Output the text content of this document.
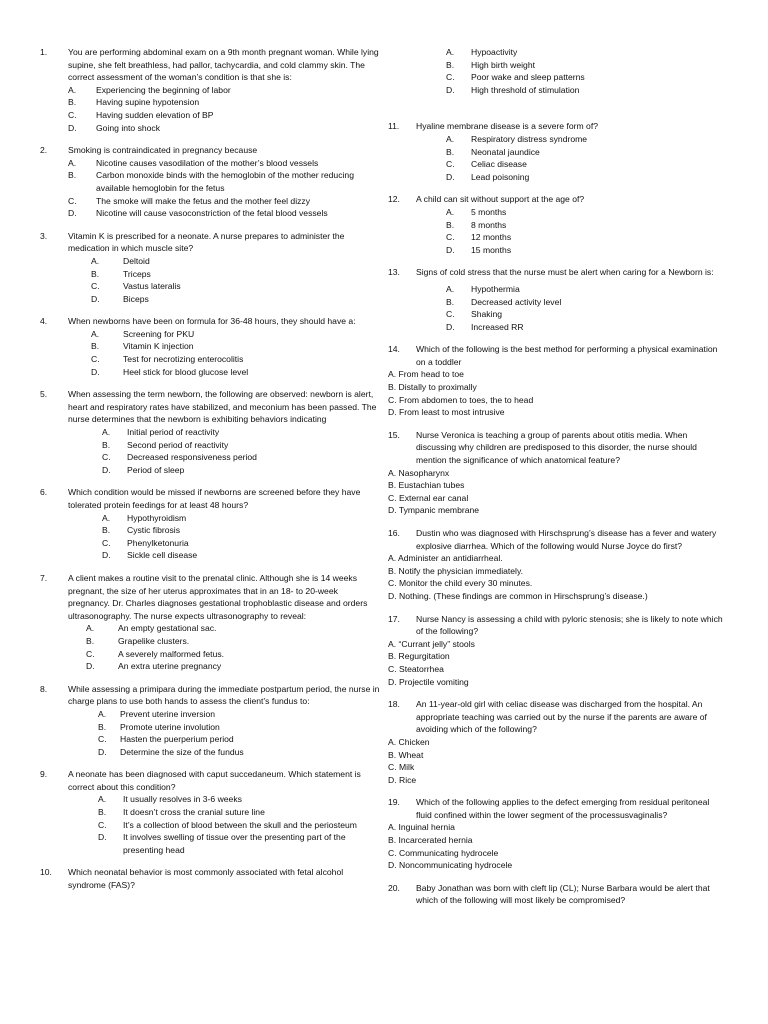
1. You are performing abdominal exam on a 9th month pregnant woman. While lying supine, she felt breathless, had pallor, tachycardia, and cold clammy skin. The correct assessment of the woman’s condition is that she is:
A. Experiencing the beginning of labor
B. Having supine hypotension
C. Having sudden elevation of BP
D. Going into shock
2. Smoking is contraindicated in pregnancy because
A. Nicotine causes vasodilation of the mother’s blood vessels
B. Carbon monoxide binds with the hemoglobin of the mother reducing available hemoglobin for the fetus
C. The smoke will make the fetus and the mother feel dizzy
D. Nicotine will cause vasoconstriction of the fetal blood vessels
3. Vitamin K is prescribed for a neonate. A nurse prepares to administer the medication in which muscle site?
A.	Deltoid
B.	Triceps
C.	Vastus lateralis
D.	Biceps
4. When newborns have been on formula for 36-48 hours, they should have a:
A.	Screening for PKU
B.	Vitamin K injection
C.	Test for necrotizing enterocolitis
D.	Heel stick for blood glucose level
5. When assessing the term newborn, the following are observed: newborn is alert, heart and respiratory rates have stabilized, and meconium has been passed. The nurse determines that the newborn is exhibiting behaviors indicating
A. Initial period of reactivity
B. Second period of reactivity
C. Decreased responsiveness period
D. Period of sleep
6. Which condition would be missed if newborns are screened before they have tolerated protein feedings for at least 48 hours?
A. Hypothyroidism
B. Cystic fibrosis
C. Phenylketonuria
D. Sickle cell disease
7. A client makes a routine visit to the prenatal clinic. Although she is 14 weeks pregnant, the size of her uterus approximates that in an 18- to 20-week pregnancy. Dr. Charles diagnoses gestational trophoblastic disease and orders ultrasonography. The nurse expects ultrasonography to reveal:
A.	An empty gestational sac.
B.	Grapelike clusters.
C.	A severely malformed fetus.
D.	An extra uterine pregnancy
8. While assessing a primipara during the immediate postpartum period, the nurse in charge plans to use both hands to assess the client’s fundus to:
A. Prevent uterine inversion
B. Promote uterine involution
C. Hasten the puerperium period
D. Determine the size of the fundus
9. A neonate has been diagnosed with caput succedaneum. Which statement is correct about this condition?
A. It usually resolves in 3-6 weeks
B. It doesn’t cross the cranial suture line
C. It’s a collection of blood between the skull and the periosteum
D. It involves swelling of tissue over the presenting part of the presenting head
10. Which neonatal behavior is most commonly associated with fetal alcohol syndrome (FAS)?
A. Hypoactivity
B. High birth weight
C. Poor wake and sleep patterns
D. High threshold of stimulation
11. Hyaline membrane disease is a severe form of?
A. Respiratory distress syndrome
B. Neonatal jaundice
C. Celiac disease
D. Lead poisoning
12. A child can sit without support at the age of?
A. 5 months
B. 8 months
C. 12 months
D. 15 months
13. Signs of cold stress that the nurse must be alert when caring for a Newborn is:
A. Hypothermia
B. Decreased activity level
C. Shaking
D. Increased RR
14. Which of the following is the best method for performing a physical examination on a toddler
A. From head to toe
B. Distally to proximally
C. From abdomen to toes, the to head
D. From least to most intrusive
15. Nurse Veronica is teaching a group of parents about otitis media. When discussing why children are predisposed to this disorder, the nurse should mention the significance of which anatomical feature?
A. Nasopharynx
B. Eustachian tubes
C. External ear canal
D. Tympanic membrane
16. Dustin who was diagnosed with Hirschsprung’s disease has a fever and watery explosive diarrhea. Which of the following would Nurse Joyce do first?
A. Administer an antidiarrheal.
B. Notify the physician immediately.
C. Monitor the child every 30 minutes.
D. Nothing. (These findings are common in Hirschsprung’s disease.)
17. Nurse Nancy is assessing a child with pyloric stenosis; she is likely to note which of the following?
A. “Currant jelly” stools
B. Regurgitation
C. Steatorrhea
D. Projectile vomiting
18. An 11-year-old girl with celiac disease was discharged from the hospital. An appropriate teaching was carried out by the nurse if the parents are aware of avoiding which of the following?
A. Chicken
B. Wheat
C. Milk
D. Rice
19. Which of the following applies to the defect emerging from residual peritoneal fluid confined within the lower segment of the processusvaginalis?
A. Inguinal hernia
B. Incarcerated hernia
C. Communicating hydrocele
D. Noncommunicating hydrocele
20. Baby Jonathan was born with cleft lip (CL); Nurse Barbara would be alert that which of the following will most likely be compromised?
